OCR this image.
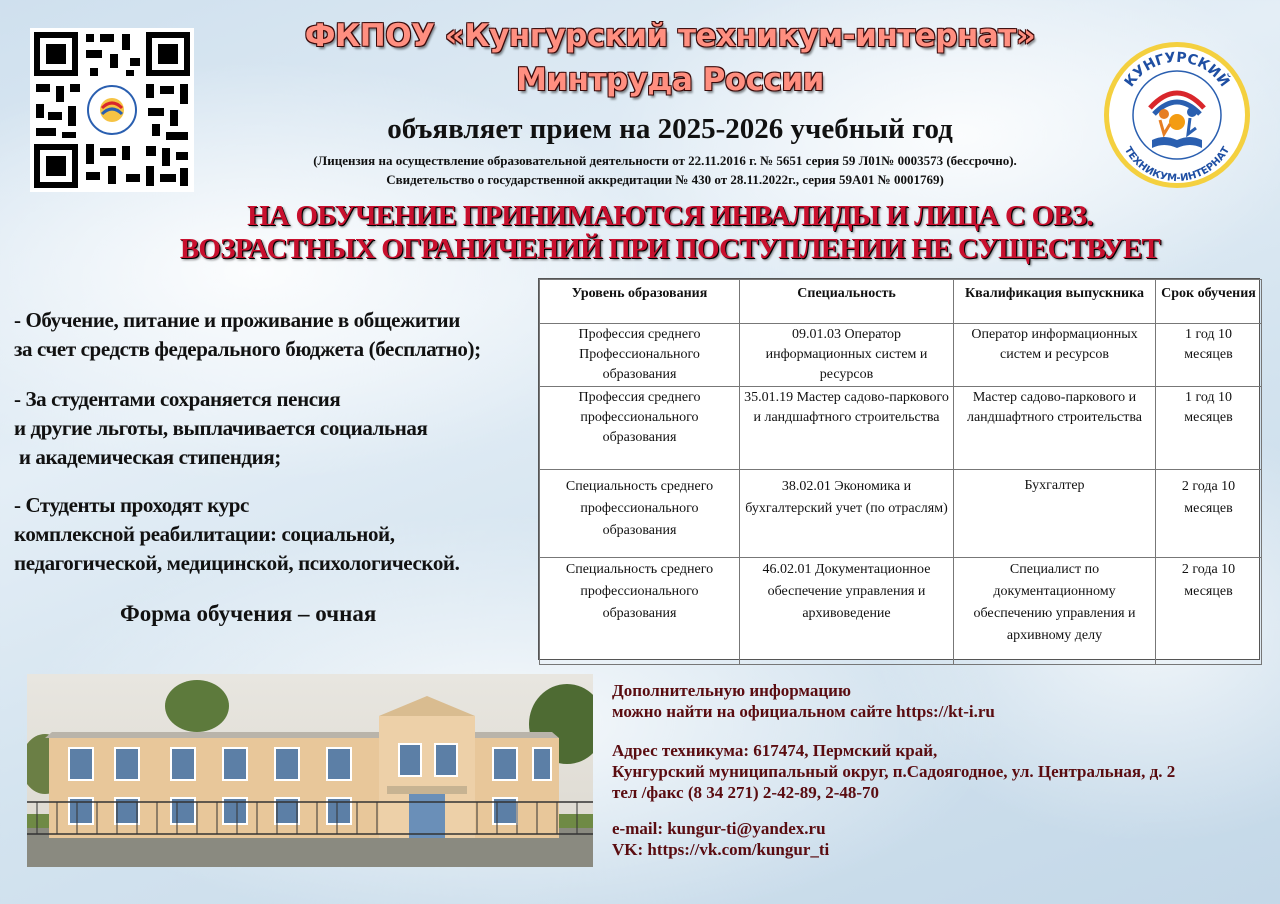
КУНГУРСКИЙ
ТЕХНИКУМ-ИНТЕРНАТ
ФКПОУ «Кунгурский техникум-интернат»
Минтруда России
объявляет прием на 2025-2026 учебный год
(Лицензия на осуществление образовательной деятельности от 22.11.2016 г. № 5651 серия 59 Л01№ 0003573 (бессрочно).
Свидетельство о государственной аккредитации № 430 от 28.11.2022г., серия 59А01 № 0001769)
НА ОБУЧЕНИЕ ПРИНИМАЮТСЯ ИНВАЛИДЫ И ЛИЦА С ОВЗ.
ВОЗРАСТНЫХ ОГРАНИЧЕНИЙ ПРИ ПОСТУПЛЕНИИ НЕ СУЩЕСТВУЕТ
- Обучение, питание и проживание в общежитии
за счет средств федерального бюджета (бесплатно);
- За студентами сохраняется пенсия
и другие льготы, выплачивается социальная
и академическая стипендия;
- Студенты проходят курс
комплексной реабилитации: социальной,
педагогической, медицинской, психологической.
Форма обучения – очная
Уровень образования	Специальность	Квалификация выпускника	Срок обучения
Профессия среднего Профессионального образования	09.01.03 Оператор информационных систем и ресурсов	Оператор информационных систем и ресурсов	1 год 10 месяцев
Профессия среднего профессионального образования	35.01.19 Мастер садово-паркового и ландшафтного строительства	Мастер садово-паркового и ландшафтного строительства	1 год 10 месяцев
Специальность среднего профессионального образования	38.02.01 Экономика и бухгалтерский учет (по отраслям)	Бухгалтер	2 года 10 месяцев
Специальность среднего профессионального образования	46.02.01 Документационное обеспечение управления и архивоведение	Специалист по документационному обеспечению управления и архивному делу	2 года 10 месяцев
Дополнительную информацию
можно найти на официальном сайте https://kt-i.ru
Адрес техникума: 617474, Пермский край,
Кунгурский муниципальный округ, п.Садоягодное, ул. Центральная, д. 2
тел /факс (8 34 271) 2-42-89, 2-48-70
e-mail: kungur-ti@yandex.ru
VK: https://vk.com/kungur_ti
